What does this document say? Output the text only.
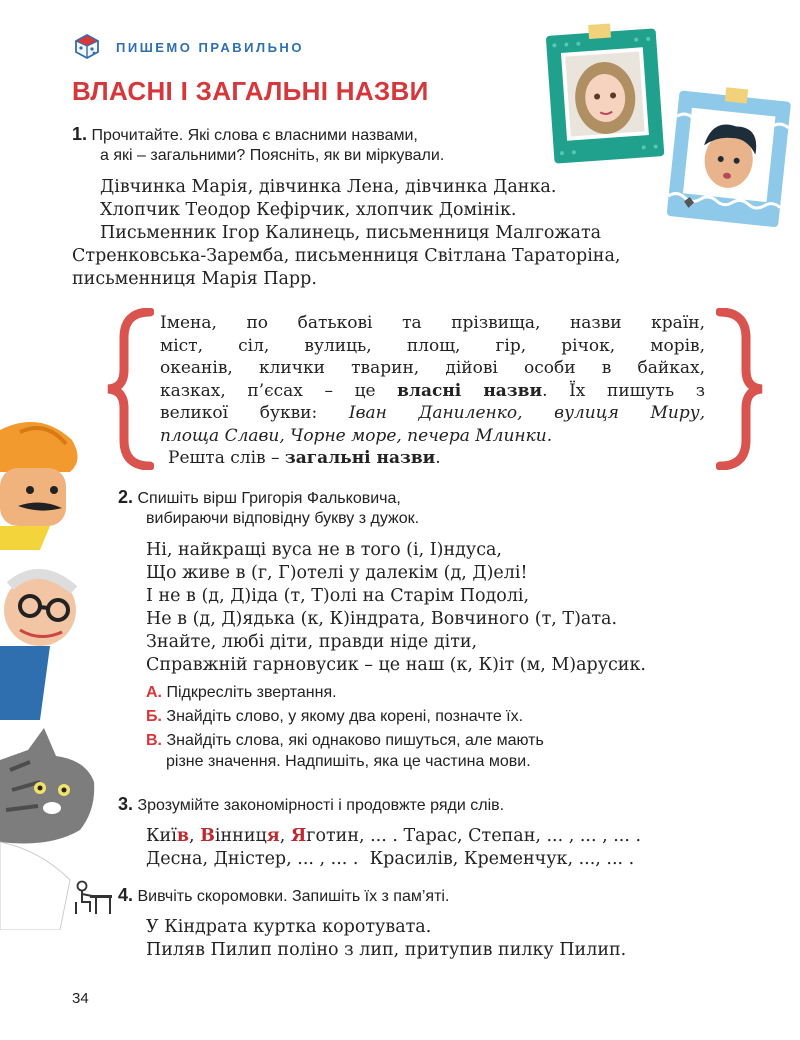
ПИШЕМО ПРАВИЛЬНО
ВЛАСНІ І ЗАГАЛЬНІ НАЗВИ
1. Прочитайте. Які слова є власними назвами,
а які – загальними? Поясніть, як ви міркували.
Дівчинка Марія, дівчинка Лена, дівчинка Данка.
Хлопчик Теодор Кефірчик, хлопчик Домінік.
Письменник Ігор Калинець, письменниця Малгожата
Стренковська-Заремба, письменниця Світлана Тараторіна,
письменниця Марія Парр.
Імена, по батькові та прізвища, назви країн,
міст, сіл, вулиць, площ, гір, річок, морів,
океанів, клички тварин, дійові особи в байках,
казках, п’єсах – це власні назви. Їх пишуть з
великої букви: Іван Даниленко, вулиця Миру,
площа Слави, Чорне море, печера Млинки.
Решта слів – загальні назви.
2. Спишіть вірш Григорія Фальковича,
вибираючи відповідну букву з дужок.
Ні, найкращі вуса не в того (і, І)ндуса,
Що живе в (г, Г)отелі у далекім (д, Д)елі!
І не в (д, Д)іда (т, Т)олі на Старім Подолі,
Не в (д, Д)ядька (к, К)індрата, Вовчиного (т, Т)ата.
Знайте, любі діти, правди ніде діти,
Справжній гарновусик – це наш (к, К)іт (м, М)арусик.
А. Підкресліть звертання.
Б. Знайдіть слово, у якому два корені, позначте їх.
В. Знайдіть слова, які однаково пишуться, але мають
різне значення. Надпишіть, яка це частина мови.
3. Зрозумійте закономірності і продовжте ряди слів.
Київ, Вінниця, Яготин, ... . Тарас, Степан, ... , ... , ... .
Десна, Дністер, ... , ... .  Красилів, Кременчук, ..., ... .
4. Вивчіть скоромовки. Запишіть їх з пам’яті.
У Кіндрата куртка коротувата.
Пиляв Пилип поліно з лип, притупив пилку Пилип.
34
